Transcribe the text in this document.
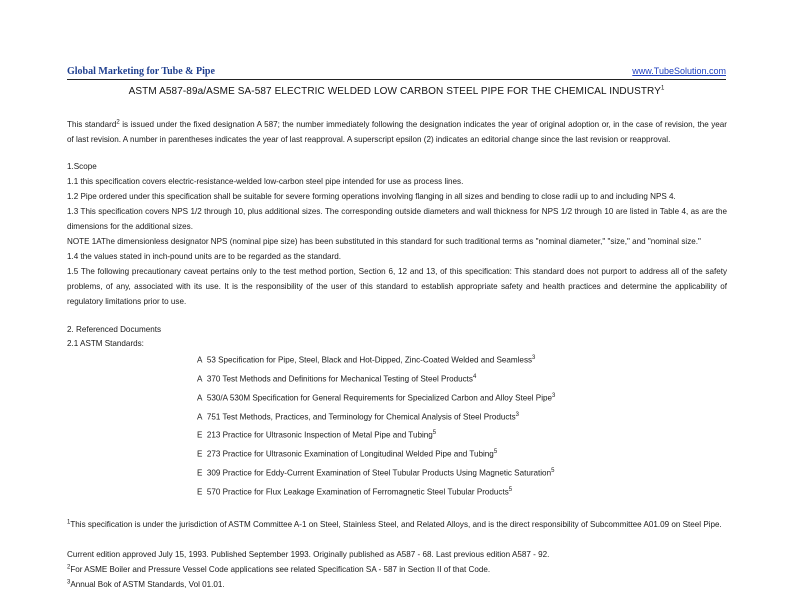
Global Marketing for Tube & Pipe	www.TubeSolution.com
ASTM A587-89a/ASME SA-587 ELECTRIC WELDED LOW CARBON STEEL PIPE FOR THE CHEMICAL INDUSTRY$^1$
This standard$^2$ is issued under the fixed designation A 587; the number immediately following the designation indicates the year of original adoption or, in the case of revision, the year of last revision. A number in parentheses indicates the year of last reapproval. A superscript epsilon (2) indicates an editorial change since the last revision or reapproval.
1.Scope
1.1 this specification covers electric-resistance-welded low-carbon steel pipe intended for use as process lines.
1.2 Pipe ordered under this specification shall be suitable for severe forming operations involving flanging in all sizes and bending to close radii up to and including NPS 4.
1.3 This specification covers NPS 1/2 through 10, plus additional sizes. The corresponding outside diameters and wall thickness for NPS 1/2 through 10 are listed in Table 4, as are the dimensions for the additional sizes.
NOTE 1AThe dimensionless designator NPS (nominal pipe size) has been substituted in this standard for such traditional terms as "nominal diameter," "size," and "nominal size."
1.4 the values stated in inch-pound units are to be regarded as the standard.
1.5 The following precautionary caveat pertains only to the test method portion, Section 6, 12 and 13, of this specification: This standard does not purport to address all of the safety problems, of any, associated with its use. It is the responsibility of the user of this standard to establish appropriate safety and health practices and determine the applicability of regulatory limitations prior to use.
2. Referenced Documents
2.1 ASTM Standards:
A 53 Specification for Pipe, Steel, Black and Hot-Dipped, Zinc-Coated Welded and Seamless$^3$
A 370 Test Methods and Definitions for Mechanical Testing of Steel Products$^4$
A 530/A 530M Specification for General Requirements for Specialized Carbon and Alloy Steel Pipe$^3$
A 751 Test Methods, Practices, and Terminology for Chemical Analysis of Steel Products$^3$
E 213 Practice for Ultrasonic Inspection of Metal Pipe and Tubing$^5$
E 273 Practice for Ultrasonic Examination of Longitudinal Welded Pipe and Tubing$^5$
E 309 Practice for Eddy-Current Examination of Steel Tubular Products Using Magnetic Saturation$^5$
E 570 Practice for Flux Leakage Examination of Ferromagnetic Steel Tubular Products$^5$
$^1$This specification is under the jurisdiction of ASTM Committee A-1 on Steel, Stainless Steel, and Related Alloys, and is the direct responsibility of Subcommittee A01.09 on Steel Pipe.
Current edition approved July 15, 1993. Published September 1993. Originally published as A587 - 68. Last previous edition A587 - 92.
$^2$For ASME Boiler and Pressure Vessel Code applications see related Specification SA - 587 in Section II of that Code.
$^3$Annual Bok of ASTM Standards, Vol 01.01.
